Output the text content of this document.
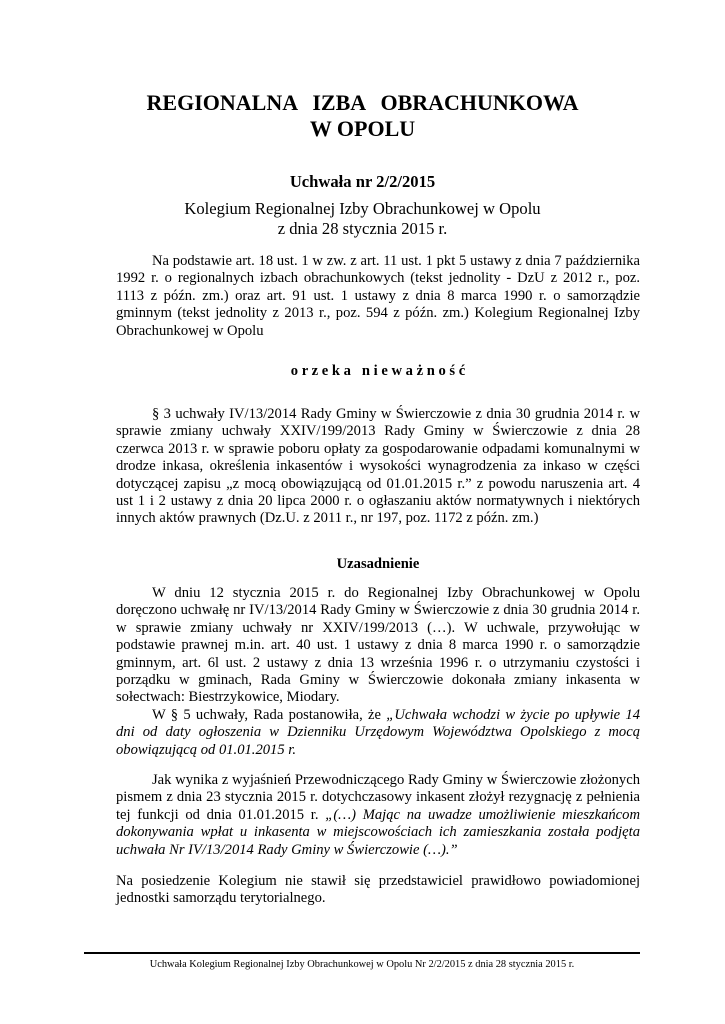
REGIONALNA IZBA OBRACHUNKOWA
W OPOLU
Uchwała nr 2/2/2015
Kolegium Regionalnej Izby Obrachunkowej w Opolu
z dnia 28 stycznia 2015 r.
Na podstawie art. 18 ust. 1 w zw. z art. 11 ust. 1 pkt 5 ustawy z dnia 7 października 1992 r. o regionalnych izbach obrachunkowych (tekst jednolity - DzU z 2012 r., poz. 1113 z późn. zm.) oraz art. 91 ust. 1 ustawy z dnia 8 marca 1990 r. o samorządzie gminnym (tekst jednolity z 2013 r., poz. 594 z późn. zm.) Kolegium Regionalnej Izby Obrachunkowej w Opolu
o r z e k a   n i e w a ż n o ś ć
§ 3 uchwały IV/13/2014 Rady Gminy w Świerczowie z dnia 30 grudnia 2014 r. w sprawie zmiany uchwały XXIV/199/2013 Rady Gminy w Świerczowie z dnia 28 czerwca 2013 r. w sprawie poboru opłaty za gospodarowanie odpadami komunalnymi w drodze inkasa, określenia inkasentów i wysokości wynagrodzenia za inkaso w części dotyczącej zapisu „z mocą obowiązującą od 01.01.2015 r.” z powodu naruszenia art. 4 ust 1 i 2 ustawy z dnia 20 lipca 2000 r. o ogłaszaniu aktów normatywnych i niektórych innych aktów prawnych (Dz.U. z 2011 r., nr 197, poz. 1172 z późn. zm.)
Uzasadnienie
W dniu 12 stycznia 2015 r. do Regionalnej Izby Obrachunkowej w Opolu doręczono uchwałę nr IV/13/2014 Rady Gminy w Świerczowie z dnia 30 grudnia 2014 r. w sprawie zmiany uchwały nr XXIV/199/2013 (…). W uchwale, przywołując w podstawie prawnej m.in. art. 40 ust. 1 ustawy z dnia 8 marca 1990 r. o samorządzie gminnym, art. 6l ust. 2 ustawy z dnia 13 września 1996 r. o utrzymaniu czystości i porządku w gminach, Rada Gminy w Świerczowie dokonała zmiany inkasenta w sołectwach: Biestrzykowice, Miodary.
W § 5 uchwały, Rada postanowiła, że „Uchwała wchodzi w życie po upływie 14 dni od daty ogłoszenia w Dzienniku Urzędowym Województwa Opolskiego z mocą obowiązującą od 01.01.2015 r.
Jak wynika z wyjaśnień Przewodniczącego Rady Gminy w Świerczowie złożonych pismem z dnia 23 stycznia 2015 r. dotychczasowy inkasent złożył rezygnację z pełnienia tej funkcji od dnia 01.01.2015 r. „(…) Mając na uwadze umożliwienie mieszkańcom dokonywania wpłat u inkasenta w miejscowościach ich zamieszkania została podjęta uchwała Nr IV/13/2014 Rady Gminy w Świerczowie (…).”
Na posiedzenie Kolegium nie stawił się przedstawiciel prawidłowo powiadomionej jednostki samorządu terytorialnego.
Uchwała Kolegium Regionalnej Izby Obrachunkowej w Opolu Nr 2/2/2015 z dnia 28 stycznia 2015 r.
